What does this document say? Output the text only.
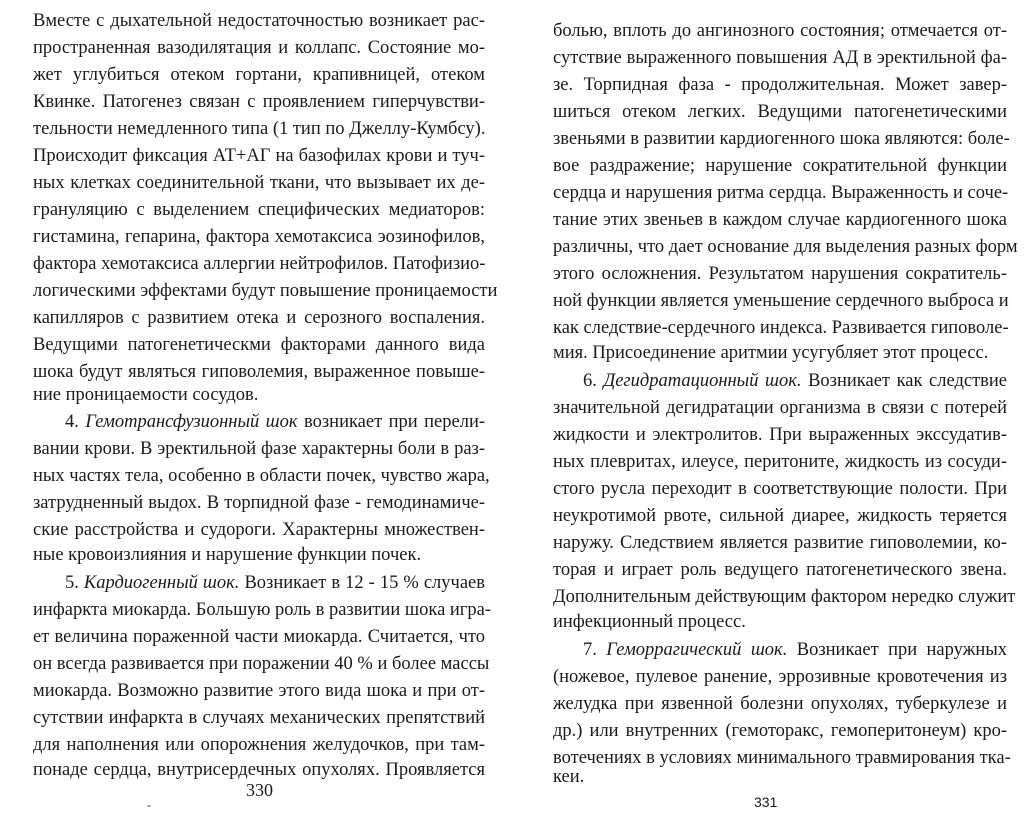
Вместе с дыхательной недостаточностью возникает рас-
пространенная вазодилятация и коллапс. Состояние мо-
жет углубиться отеком гортани, крапивницей, отеком
Квинке. Патогенез связан с проявлением гиперчувстви-
тельности немедленного типа (1 тип по Джеллу-Кумбсу).
Происходит фиксация АТ+АГ на базофилах крови и туч-
ных клетках соединительной ткани, что вызывает их де-
грануляцию с выделением специфических медиаторов:
гистамина, гепарина, фактора хемотаксиса эозинофилов,
фактора хемотаксиса аллергии нейтрофилов. Патофизио-
логическими эффектами будут повышение проницаемости
капилляров с развитием отека и серозного воспаления.
Ведущими патогенетическми факторами данного вида
шока будут являться гиповолемия, выраженное повыше-
ние проницаемости сосудов.
4. Гемотрансфузионный шок возникает при перели-
вании крови. В эректильной фазе характерны боли в раз-
ных частях тела, особенно в области почек, чувство жара,
затрудненный выдох. В торпидной фазе - гемодинамиче-
ские расстройства и судороги. Характерны множествен-
ные кровоизлияния и нарушение функции почек.
5. Кардиогенный шок. Возникает в 12 - 15 % случаев
инфаркта миокарда. Большую роль в развитии шока игра-
ет величина пораженной части миокарда. Считается, что
он всегда развивается при поражении 40 % и более массы
миокарда. Возможно развитие этого вида шока и при от-
сутствии инфаркта в случаях механических препятствий
для наполнения или опорожнения желудочков, при там-
понаде сердца, внутрисердечных опухолях. Проявляется
330
-
болью, вплоть до ангинозного состояния; отмечается от-
сутствие выраженного повышения АД в эректильной фа-
зе. Торпидная фаза - продолжительная. Может завер-
шиться отеком легких. Ведущими патогенетическими
звеньями в развитии кардиогенного шока являются: боле-
вое раздражение; нарушение сократительной функции
сердца и нарушения ритма сердца. Выраженность и соче-
тание этих звеньев в каждом случае кардиогенного шока
различны, что дает основание для выделения разных форм
этого осложнения. Результатом нарушения сократитель-
ной функции является уменьшение сердечного выброса и
как следствие-сердечного индекса. Развивается гиповоле-
мия. Присоединение аритмии усугубляет этот процесс.
6. Дегидратационный шок. Возникает как следствие
значительной дегидратации организма в связи с потерей
жидкости и электролитов. При выраженных экссудатив-
ных плевритах, илеусе, перитоните, жидкость из сосуди-
стого русла переходит в соответствующие полости. При
неукротимой рвоте, сильной диарее, жидкость теряется
наружу. Следствием является развитие гиповолемии, ко-
торая и играет роль ведущего патогенетического звена.
Дополнительным действующим фактором нередко служит
инфекционный процесс.
7. Геморрагический шок. Возникает при наружных
(ножевое, пулевое ранение, эррозивные кровотечения из
желудка при язвенной болезни опухолях, туберкулезе и
др.) или внутренних (гемоторакс, гемоперитонеум) кро-
вотечениях в условиях минимального травмирования тка-
кеи.
331
